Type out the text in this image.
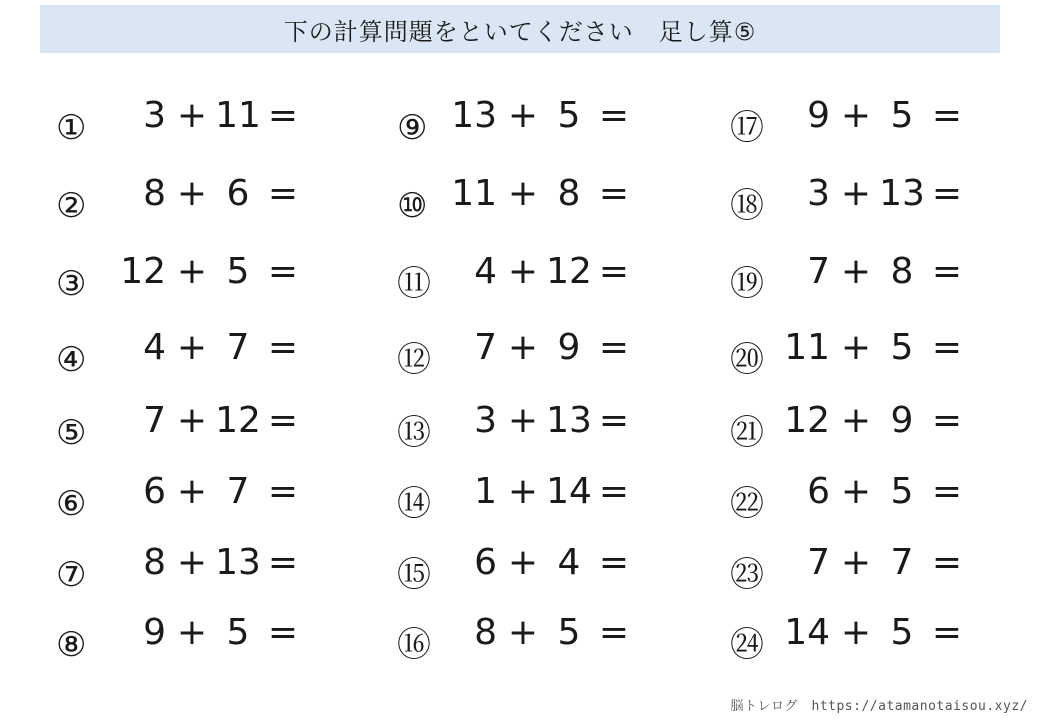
下の計算問題をといてください　足し算⑤
①	3 + 11 =
②	8 + 6 =
③ 12 + 5 =
④	4 + 7 =
⑤	7 + 12 =
⑥	6 + 7 =
⑦	8 + 13 =
⑧	9 + 5 =
⑨ 13 + 5 =
⑩ 11 + 8 =
⑪	4 + 12 =
⑫	7 + 9 =
⑬	3 + 13 =
⑭	1 + 14 =
⑮	6 + 4 =
⑯	8 + 5 =
⑰	9 + 5 =
⑱	3 + 13 =
⑲	7 + 8 =
⑳ 11 + 5 =
㉑ 12 + 9 =
㉒	6 + 5 =
㉓	7 + 7 =
㉔ 14 + 5 =
脳トレログ　https://atamanotaisou.xyz/
